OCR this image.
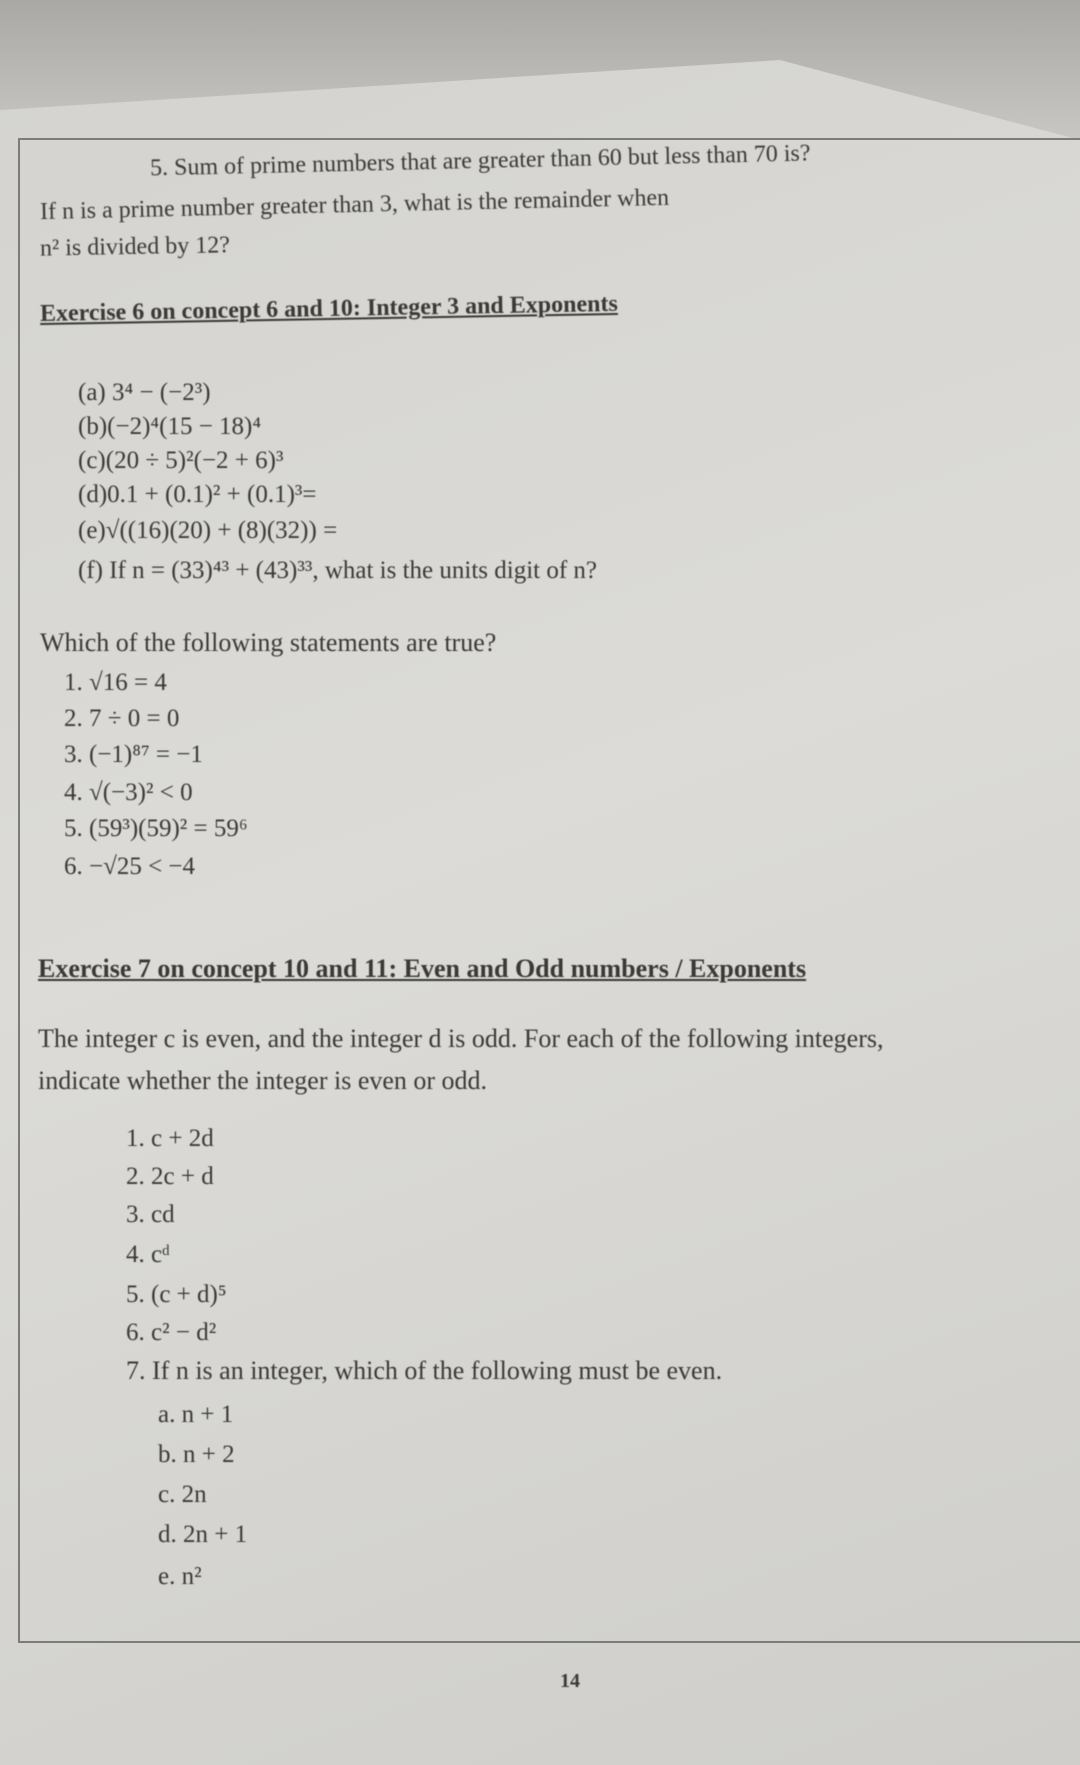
5. Sum of prime numbers that are greater than 60 but less than 70 is?
If n is a prime number greater than 3, what is the remainder when
n² is divided by 12?
Exercise 6 on concept 6 and 10: Integer 3 and Exponents
(a) 3⁴ − (−2³)
(b)(−2)⁴(15 − 18)⁴
(c)(20 ÷ 5)²(−2 + 6)³
(d)0.1 + (0.1)² + (0.1)³=
(e)√((16)(20) + (8)(32)) =
(f) If n = (33)⁴³ + (43)³³, what is the units digit of n?
Which of the following statements are true?
1. √16 = 4
2. 7 ÷ 0 = 0
3. (−1)⁸⁷ = −1
4. √(−3)² < 0
5. (59³)(59)² = 59⁶
6. −√25 < −4
Exercise 7 on concept 10 and 11: Even and Odd numbers / Exponents
The integer c is even, and the integer d is odd. For each of the following integers,
indicate whether the integer is even or odd.
1. c + 2d
2. 2c + d
3. cd
4. cᵈ
5. (c + d)⁵
6. c² − d²
7. If n is an integer, which of the following must be even.
a. n + 1
b. n + 2
c. 2n
d. 2n + 1
e. n²
14
